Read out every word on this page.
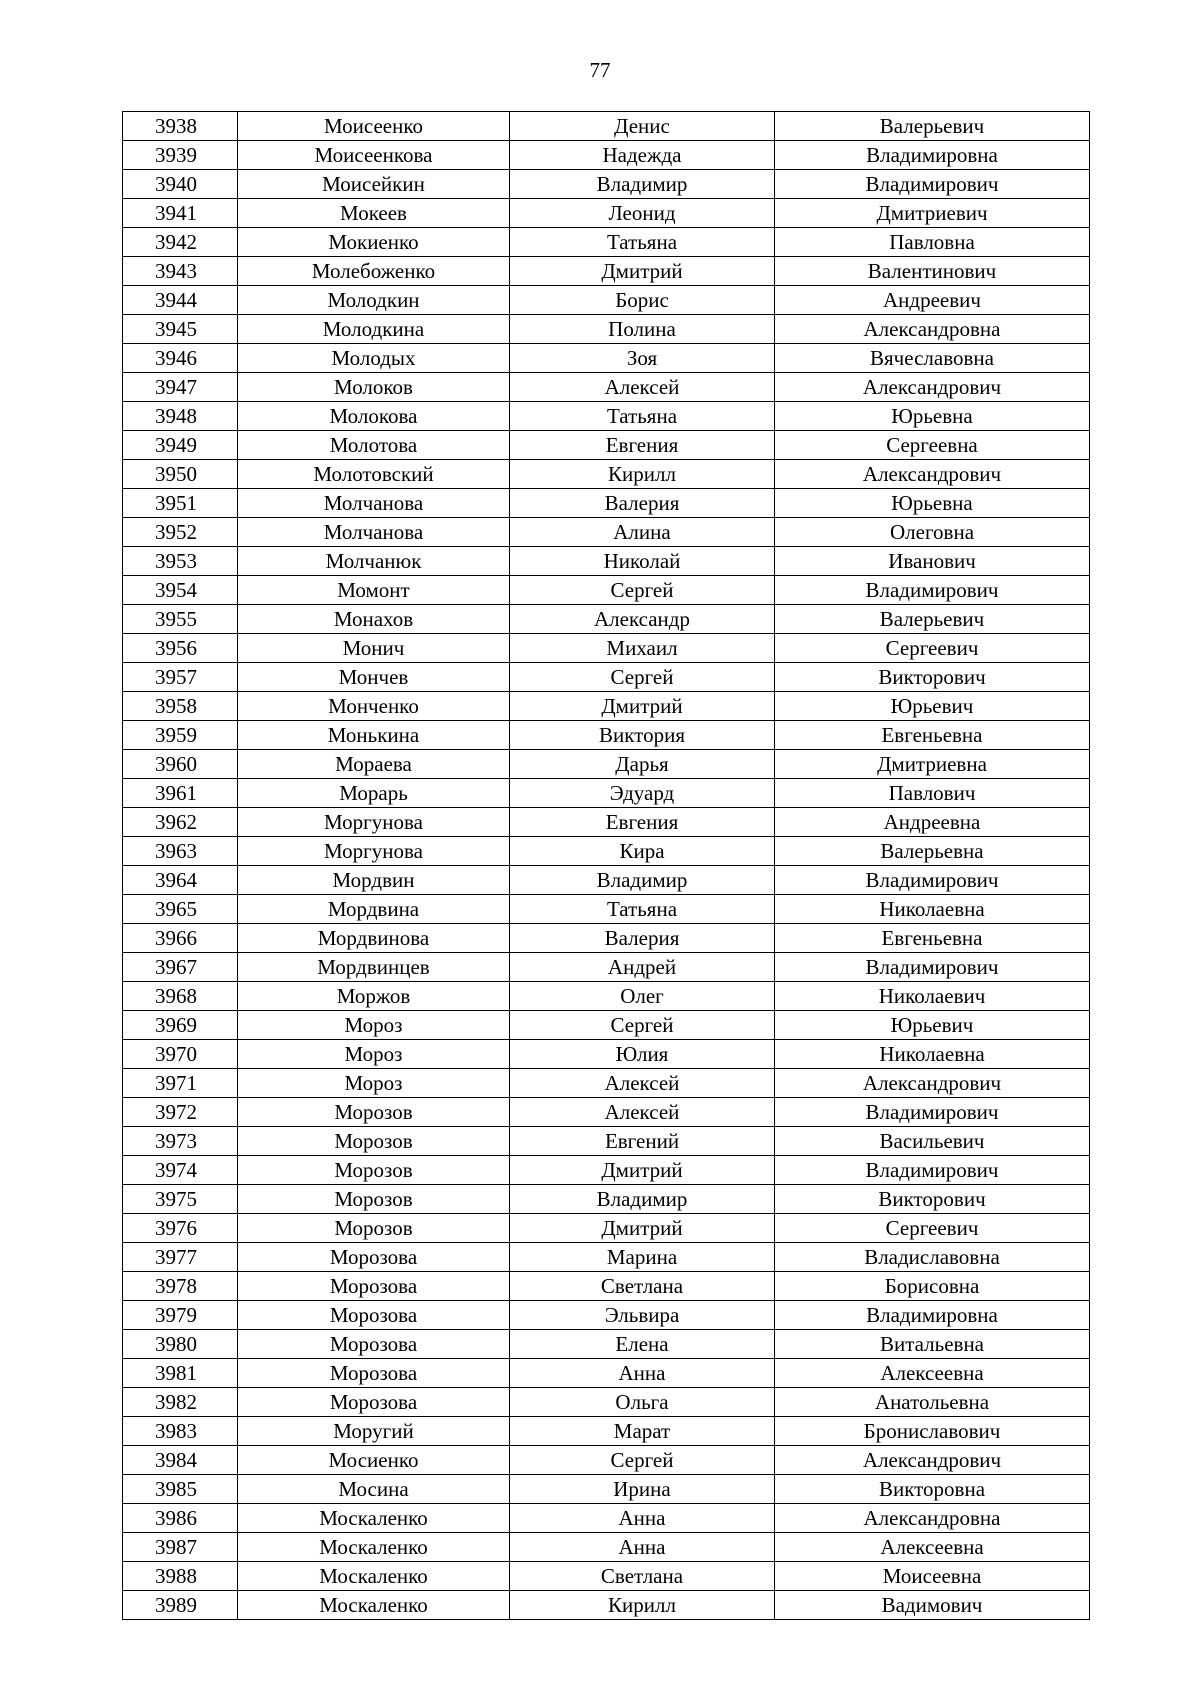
77
3938	Моисеенко	Денис	Валерьевич
3939	Моисеенкова	Надежда	Владимировна
3940	Моисейкин	Владимир	Владимирович
3941	Мокеев	Леонид	Дмитриевич
3942	Мокиенко	Татьяна	Павловна
3943	Молебоженко	Дмитрий	Валентинович
3944	Молодкин	Борис	Андреевич
3945	Молодкина	Полина	Александровна
3946	Молодых	Зоя	Вячеславовна
3947	Молоков	Алексей	Александрович
3948	Молокова	Татьяна	Юрьевна
3949	Молотова	Евгения	Сергеевна
3950	Молотовский	Кирилл	Александрович
3951	Молчанова	Валерия	Юрьевна
3952	Молчанова	Алина	Олеговна
3953	Молчанюк	Николай	Иванович
3954	Момонт	Сергей	Владимирович
3955	Монахов	Александр	Валерьевич
3956	Монич	Михаил	Сергеевич
3957	Мончев	Сергей	Викторович
3958	Монченко	Дмитрий	Юрьевич
3959	Монькина	Виктория	Евгеньевна
3960	Мораева	Дарья	Дмитриевна
3961	Морарь	Эдуард	Павлович
3962	Моргунова	Евгения	Андреевна
3963	Моргунова	Кира	Валерьевна
3964	Мордвин	Владимир	Владимирович
3965	Мордвина	Татьяна	Николаевна
3966	Мордвинова	Валерия	Евгеньевна
3967	Мордвинцев	Андрей	Владимирович
3968	Моржов	Олег	Николаевич
3969	Мороз	Сергей	Юрьевич
3970	Мороз	Юлия	Николаевна
3971	Мороз	Алексей	Александрович
3972	Морозов	Алексей	Владимирович
3973	Морозов	Евгений	Васильевич
3974	Морозов	Дмитрий	Владимирович
3975	Морозов	Владимир	Викторович
3976	Морозов	Дмитрий	Сергеевич
3977	Морозова	Марина	Владиславовна
3978	Морозова	Светлана	Борисовна
3979	Морозова	Эльвира	Владимировна
3980	Морозова	Елена	Витальевна
3981	Морозова	Анна	Алексеевна
3982	Морозова	Ольга	Анатольевна
3983	Моругий	Марат	Брониславович
3984	Мосиенко	Сергей	Александрович
3985	Мосина	Ирина	Викторовна
3986	Москаленко	Анна	Александровна
3987	Москаленко	Анна	Алексеевна
3988	Москаленко	Светлана	Моисеевна
3989	Москаленко	Кирилл	Вадимович
